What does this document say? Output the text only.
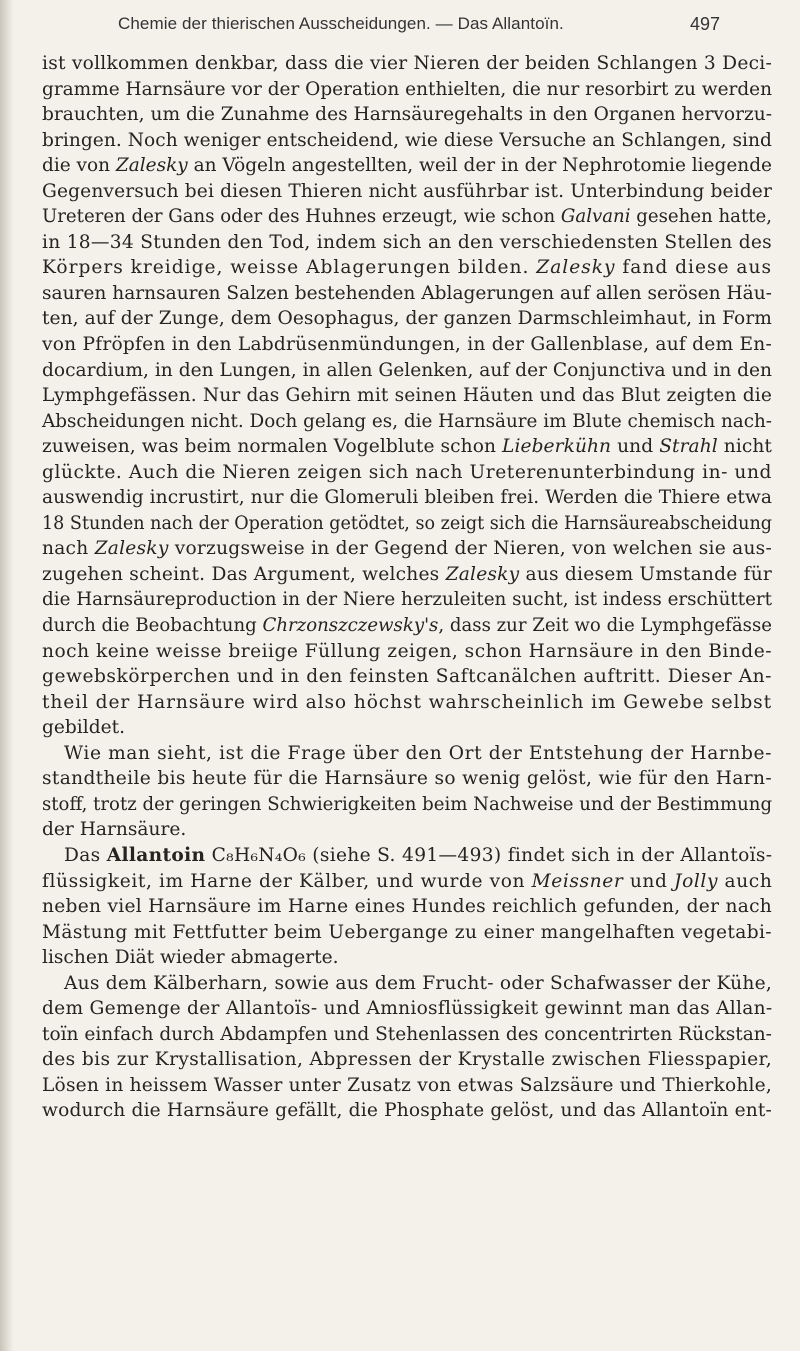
Chemie der thierischen Ausscheidungen. — Das Allantoïn.	497

ist vollkommen denkbar, dass die vier Nieren der beiden Schlangen 3 Deci-
gramme Harnsäure vor der Operation enthielten, die nur resorbirt zu werden
brauchten, um die Zunahme des Harnsäuregehalts in den Organen hervorzu-
bringen. Noch weniger entscheidend, wie diese Versuche an Schlangen, sind
die von Zalesky an Vögeln angestellten, weil der in der Nephrotomie liegende
Gegenversuch bei diesen Thieren nicht ausführbar ist. Unterbindung beider
Ureteren der Gans oder des Huhnes erzeugt, wie schon Galvani gesehen hatte,
in 18—34 Stunden den Tod, indem sich an den verschiedensten Stellen des
Körpers kreidige, weisse Ablagerungen bilden. Zalesky fand diese aus
sauren harnsauren Salzen bestehenden Ablagerungen auf allen serösen Häu-
ten, auf der Zunge, dem Oesophagus, der ganzen Darmschleimhaut, in Form
von Pfröpfen in den Labdrüsenmündungen, in der Gallenblase, auf dem En-
docardium, in den Lungen, in allen Gelenken, auf der Conjunctiva und in den
Lymphgefässen. Nur das Gehirn mit seinen Häuten und das Blut zeigten die
Abscheidungen nicht. Doch gelang es, die Harnsäure im Blute chemisch nach-
zuweisen, was beim normalen Vogelblute schon Lieberkühn und Strahl nicht
glückte. Auch die Nieren zeigen sich nach Ureterenunterbindung in- und
auswendig incrustirt, nur die Glomeruli bleiben frei. Werden die Thiere etwa
18 Stunden nach der Operation getödtet, so zeigt sich die Harnsäureabscheidung
nach Zalesky vorzugsweise in der Gegend der Nieren, von welchen sie aus-
zugehen scheint. Das Argument, welches Zalesky aus diesem Umstande für
die Harnsäureproduction in der Niere herzuleiten sucht, ist indess erschüttert
durch die Beobachtung Chrzonszczewsky's, dass zur Zeit wo die Lymphgefässe
noch keine weisse breiige Füllung zeigen, schon Harnsäure in den Binde-
gewebskörperchen und in den feinsten Saftcanälchen auftritt. Dieser An-
theil der Harnsäure wird also höchst wahrscheinlich im Gewebe selbst
gebildet.

Wie man sieht, ist die Frage über den Ort der Entstehung der Harnbe-
standtheile bis heute für die Harnsäure so wenig gelöst, wie für den Harn-
stoff, trotz der geringen Schwierigkeiten beim Nachweise und der Bestimmung
der Harnsäure.

Das Allantoin C₈H₆N₄O₆ (siehe S. 491—493) findet sich in der Allantoïs-
flüssigkeit, im Harne der Kälber, und wurde von Meissner und Jolly auch
neben viel Harnsäure im Harne eines Hundes reichlich gefunden, der nach
Mästung mit Fettfutter beim Uebergange zu einer mangelhaften vegetabi-
lischen Diät wieder abmagerte.

Aus dem Kälberharn, sowie aus dem Frucht- oder Schafwasser der Kühe,
dem Gemenge der Allantoïs- und Amniosflüssigkeit gewinnt man das Allan-
toïn einfach durch Abdampfen und Stehenlassen des concentrirten Rückstan-
des bis zur Krystallisation, Abpressen der Krystalle zwischen Fliesspapier,
Lösen in heissem Wasser unter Zusatz von etwas Salzsäure und Thierkohle,
wodurch die Harnsäure gefällt, die Phosphate gelöst, und das Allantoïn ent-
